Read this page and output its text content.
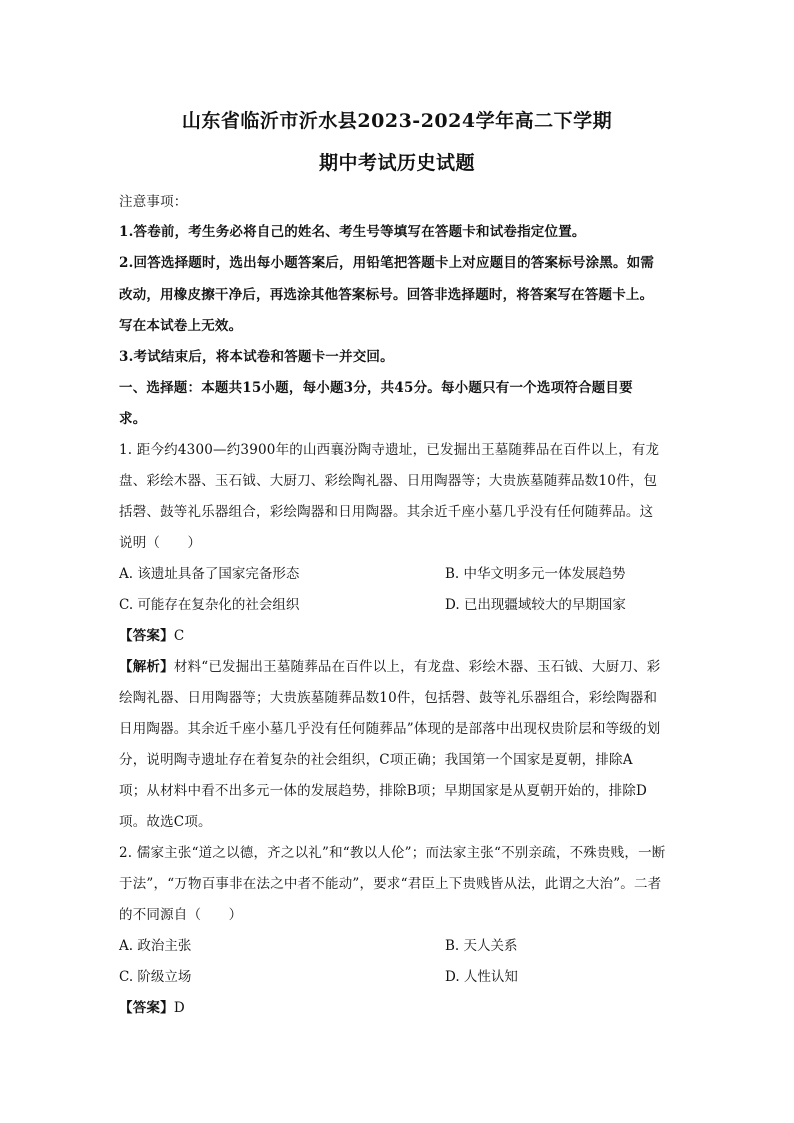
山东省临沂市沂水县2023-2024学年高二下学期
期中考试历史试题
注意事项：
1.答卷前，考生务必将自己的姓名、考生号等填写在答题卡和试卷指定位置。
2.回答选择题时，选出每小题答案后，用铅笔把答题卡上对应题目的答案标号涂黑。如需
改动，用橡皮擦干净后，再选涂其他答案标号。回答非选择题时，将答案写在答题卡上。
写在本试卷上无效。
3.考试结束后，将本试卷和答题卡一并交回。
一、选择题：本题共15小题，每小题3分，共45分。每小题只有一个选项符合题目要
求。
1. 距今约4300—约3900年的山西襄汾陶寺遗址，已发掘出王墓随葬品在百件以上，有龙
盘、彩绘木器、玉石钺、大厨刀、彩绘陶礼器、日用陶器等；大贵族墓随葬品数10件，包
括磬、鼓等礼乐器组合，彩绘陶器和日用陶器。其余近千座小墓几乎没有任何随葬品。这
说明（　　）
A. 该遗址具备了国家完备形态	B. 中华文明多元一体发展趋势
C. 可能存在复杂化的社会组织	D. 已出现疆域较大的早期国家
【答案】C
【解析】材料“已发掘出王墓随葬品在百件以上，有龙盘、彩绘木器、玉石钺、大厨刀、彩
绘陶礼器、日用陶器等；大贵族墓随葬品数10件，包括磬、鼓等礼乐器组合，彩绘陶器和
日用陶器。其余近千座小墓几乎没有任何随葬品”体现的是部落中出现权贵阶层和等级的划
分，说明陶寺遗址存在着复杂的社会组织，C项正确；我国第一个国家是夏朝，排除A
项；从材料中看不出多元一体的发展趋势，排除B项；早期国家是从夏朝开始的，排除D
项。故选C项。
2. 儒家主张“道之以德，齐之以礼”和“教以人伦”；而法家主张“不别亲疏，不殊贵贱，一断
于法”，“万物百事非在法之中者不能动”，要求“君臣上下贵贱皆从法，此谓之大治”。二者
的不同源自（　　）
A. 政治主张	B. 天人关系
C. 阶级立场	D. 人性认知
【答案】D
